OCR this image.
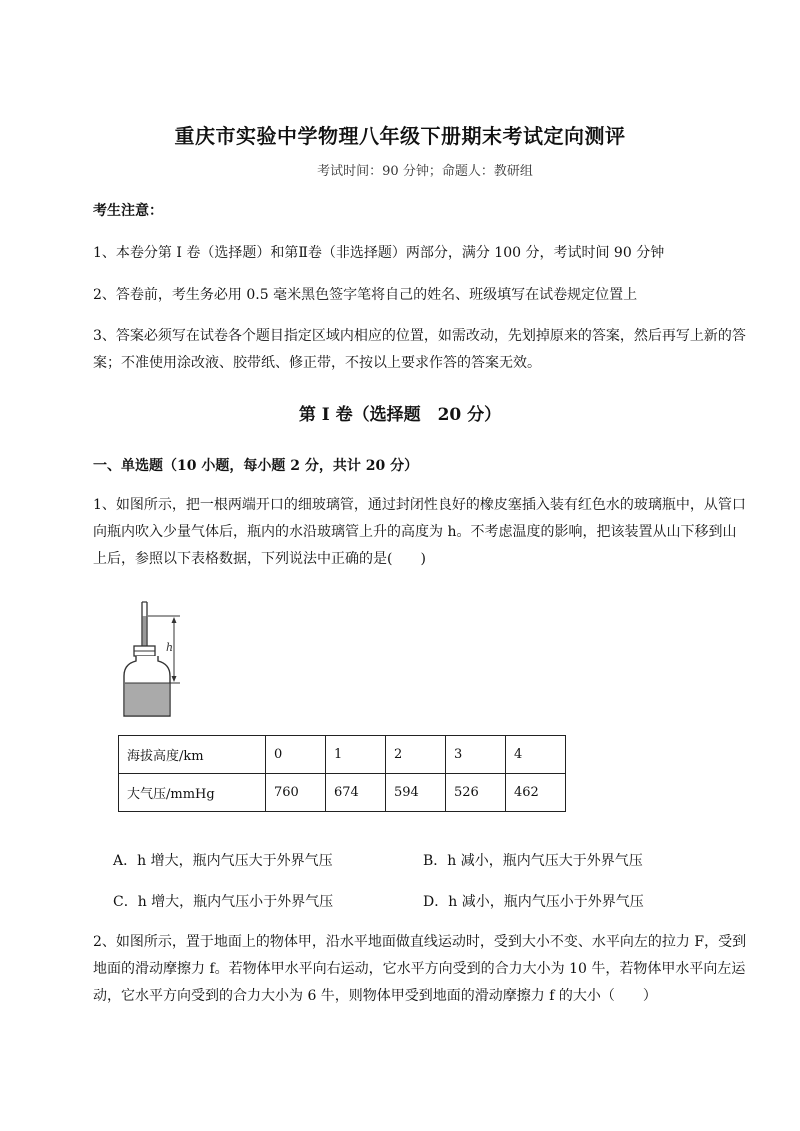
重庆市实验中学物理八年级下册期末考试定向测评
考试时间：90 分钟；命题人：教研组
考生注意：
1、本卷分第 I 卷（选择题）和第Ⅱ卷（非选择题）两部分，满分 100 分，考试时间 90 分钟
2、答卷前，考生务必用 0.5 毫米黑色签字笔将自己的姓名、班级填写在试卷规定位置上
3、答案必须写在试卷各个题目指定区域内相应的位置，如需改动，先划掉原来的答案，然后再写上新的答案；不准使用涂改液、胶带纸、修正带，不按以上要求作答的答案无效。
第 I 卷（选择题　20 分）
一、单选题（10 小题，每小题 2 分，共计 20 分）
1、如图所示，把一根两端开口的细玻璃管，通过封闭性良好的橡皮塞插入装有红色水的玻璃瓶中，从管口向瓶内吹入少量气体后，瓶内的水沿玻璃管上升的高度为 h。不考虑温度的影响，把该装置从山下移到山上后，参照以下表格数据，下列说法中正确的是(　　)
h
海拔高度/km	0	1	2	3	4
大气压/mmHg	760	674	594	526	462
A．h 增大，瓶内气压大于外界气压	B．h 减小，瓶内气压大于外界气压
C．h 增大，瓶内气压小于外界气压	D．h 减小，瓶内气压小于外界气压
2、如图所示，置于地面上的物体甲，沿水平地面做直线运动时，受到大小不变、水平向左的拉力 F，受到地面的滑动摩擦力 f。若物体甲水平向右运动，它水平方向受到的合力大小为 10 牛，若物体甲水平向左运动，它水平方向受到的合力大小为 6 牛，则物体甲受到地面的滑动摩擦力 f 的大小（　　）
